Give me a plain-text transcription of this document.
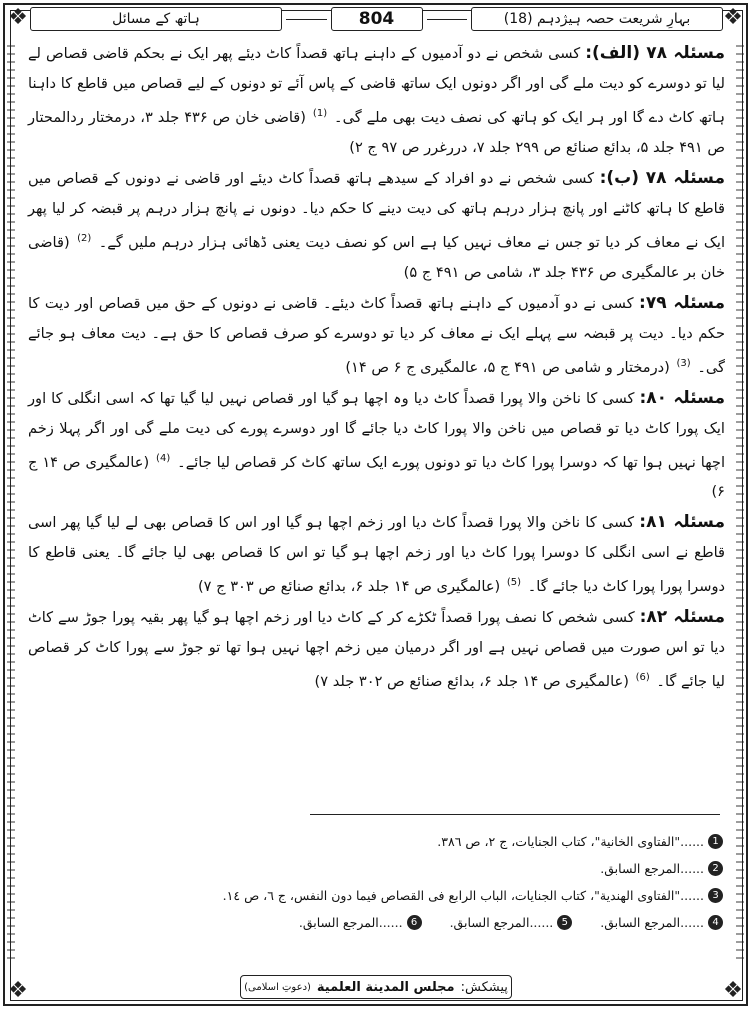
❖	❖
❖	❖
بہارِ شریعت حصہ ہیژدہم (18)
804
ہاتھ کے مسائل

مسئلہ ۷۸ (الف): کسی شخص نے دو آدمیوں کے داہنے ہاتھ قصداً کاٹ دیئے پھر ایک نے بحکم قاضی قصاص لے لیا تو دوسرے کو دیت ملے گی اور اگر دونوں ایک ساتھ قاضی کے پاس آئے تو دونوں کے لیے قصاص میں قاطع کا داہنا ہاتھ کاٹ دے گا اور ہر ایک کو ہاتھ کی نصف دیت بھی ملے گی۔ $^{(1)}$ (قاضی خان ص ۴۳۶ جلد ۳، درمختار ردالمحتار ص ۴۹۱ جلد ۵، بدائع صنائع ص ۲۹۹ جلد ۷، دررغرر ص ۹۷ ج ۲)

مسئلہ ۷۸ (ب): کسی شخص نے دو افراد کے سیدھے ہاتھ قصداً کاٹ دیئے اور قاضی نے دونوں کے قصاص میں قاطع کا ہاتھ کاٹنے اور پانچ ہزار درہم ہاتھ کی دیت دینے کا حکم دیا۔ دونوں نے پانچ ہزار درہم پر قبضہ کر لیا پھر ایک نے معاف کر دیا تو جس نے معاف نہیں کیا ہے اس کو نصف دیت یعنی ڈھائی ہزار درہم ملیں گے۔ $^{(2)}$ (قاضی خان بر عالمگیری ص ۴۳۶ جلد ۳، شامی ص ۴۹۱ ج ۵)

مسئلہ ۷۹: کسی نے دو آدمیوں کے داہنے ہاتھ قصداً کاٹ دیئے۔ قاضی نے دونوں کے حق میں قصاص اور دیت کا حکم دیا۔ دیت پر قبضہ سے پہلے ایک نے معاف کر دیا تو دوسرے کو صرف قصاص کا حق ہے۔ دیت معاف ہو جائے گی۔ $^{(3)}$ (درمختار و شامی ص ۴۹۱ ج ۵، عالمگیری ج ۶ ص ۱۴)

مسئلہ ۸۰: کسی کا ناخن والا پورا قصداً کاٹ دیا وہ اچھا ہو گیا اور قصاص نہیں لیا گیا تھا کہ اسی انگلی کا اور ایک پورا کاٹ دیا تو قصاص میں ناخن والا پورا کاٹ دیا جائے گا اور دوسرے پورے کی دیت ملے گی اور اگر پہلا زخم اچھا نہیں ہوا تھا کہ دوسرا پورا کاٹ دیا تو دونوں پورے ایک ساتھ کاٹ کر قصاص لیا جائے۔ $^{(4)}$ (عالمگیری ص ۱۴ ج ۶)

مسئلہ ۸۱: کسی کا ناخن والا پورا قصداً کاٹ دیا اور زخم اچھا ہو گیا اور اس کا قصاص بھی لے لیا گیا پھر اسی قاطع نے اسی انگلی کا دوسرا پورا کاٹ دیا اور زخم اچھا ہو گیا تو اس کا قصاص بھی لیا جائے گا۔ یعنی قاطع کا دوسرا پورا پورا کاٹ دیا جائے گا۔ $^{(5)}$ (عالمگیری ص ۱۴ جلد ۶، بدائع صنائع ص ۳۰۳ ج ۷)

مسئلہ ۸۲: کسی شخص کا نصف پورا قصداً ٹکڑے کر کے کاٹ دیا اور زخم اچھا ہو گیا پھر بقیہ پورا جوڑ سے کاٹ دیا تو اس صورت میں قصاص نہیں ہے اور اگر درمیان میں زخم اچھا نہیں ہوا تھا تو جوڑ سے پورا کاٹ کر قصاص لیا جائے گا۔ $^{(6)}$ (عالمگیری ص ۱۴ جلد ۶، بدائع صنائع ص ۳۰۲ جلد ۷)

1
......"الفتاوی الخانیة"، کتاب الجنایات، ج ٢، ص ٣٨٦.
2
......المرجع السابق.
3
......"الفتاوی الهندیة"، کتاب الجنایات، الباب الرابع فی القصاص فیما دون النفس، ج ٦، ص ١٤.
4
......المرجع السابق.
5
......المرجع السابق.
6
......المرجع السابق.
پیشکش:
مجلس المدینة العلمیة
(دعوتِ اسلامی)
